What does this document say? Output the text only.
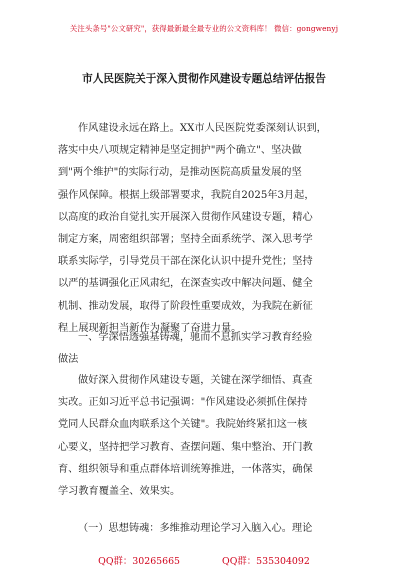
关注头条号"公文研究"，获得最新最全最专业的公文资料库！ 微信：gongwenyj
市人民医院关于深入贯彻作风建设专题总结评估报告
作风建设永远在路上。XX市人民医院党委深刻认识到，
落实中央八项规定精神是坚定拥护"两个确立"、坚决做
到"两个维护"的实际行动，是推动医院高质量发展的坚
强作风保障。根据上级部署要求，我院自2025年3月起，
以高度的政治自觉扎实开展深入贯彻作风建设专题，精心
制定方案，周密组织部署；坚持全面系统学、深入思考学
联系实际学，引导党员干部在深化认识中提升党性；坚持
以严的基调强化正风肃纪，在深查实改中解决问题、健全
机制、推动发展，取得了阶段性重要成效，为我院在新征
程上展现新担当新作为凝聚了奋进力量。
一、学深悟透强基铸魂，驰而不息抓实学习教育经验
做法
做好深入贯彻作风建设专题，关键在深学细悟、真查
实改。正如习近平总书记强调："作风建设必须抓住保持
党同人民群众血肉联系这个关键"。我院始终紧扣这一核
心要义，坚持把学习教育、查摆问题、集中整治、开门教
育、组织领导和重点群体培训统筹推进，一体落实，确保
学习教育覆盖全、效果实。
QQ群：30265665	QQ群：535304092
（一）思想铸魂：多维推动理论学习入脑入心。理论
